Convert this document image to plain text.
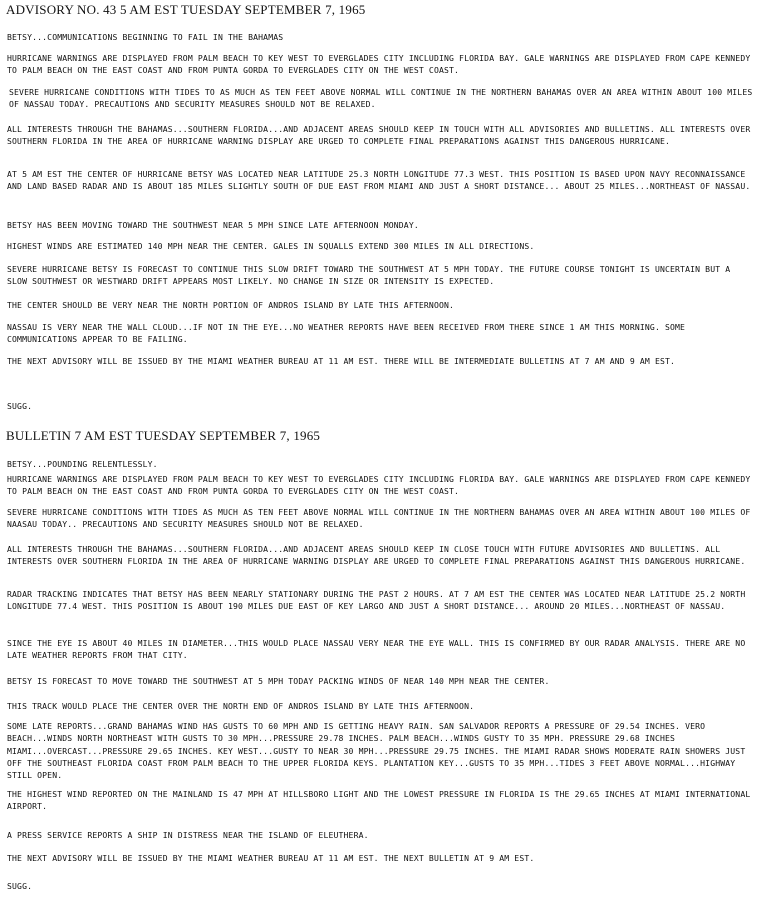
ADVISORY NO. 43 5 AM EST TUESDAY SEPTEMBER 7, 1965
BETSY...COMMUNICATIONS BEGINNING TO FAIL IN THE BAHAMAS
HURRICANE WARNINGS ARE DISPLAYED FROM PALM BEACH TO KEY WEST TO EVERGLADES CITY INCLUDING FLORIDA BAY. GALE WARNINGS ARE DISPLAYED FROM CAPE KENNEDY TO PALM BEACH ON THE EAST COAST AND FROM PUNTA GORDA TO EVERGLADES CITY ON THE WEST COAST.
SEVERE HURRICANE CONDITIONS WITH TIDES TO AS MUCH AS TEN FEET ABOVE NORMAL WILL CONTINUE IN THE NORTHERN BAHAMAS OVER AN AREA WITHIN ABOUT 100 MILES OF NASSAU TODAY. PRECAUTIONS AND SECURITY MEASURES SHOULD NOT BE RELAXED.
ALL INTERESTS THROUGH THE BAHAMAS...SOUTHERN FLORIDA...AND ADJACENT AREAS SHOULD KEEP IN TOUCH WITH ALL ADVISORIES AND BULLETINS. ALL INTERESTS OVER SOUTHERN FLORIDA IN THE AREA OF HURRICANE WARNING DISPLAY ARE URGED TO COMPLETE FINAL PREPARATIONS AGAINST THIS DANGEROUS HURRICANE.
AT 5 AM EST THE CENTER OF HURRICANE BETSY WAS LOCATED NEAR LATITUDE 25.3 NORTH LONGITUDE 77.3 WEST. THIS POSITION IS BASED UPON NAVY RECONNAISSANCE AND LAND BASED RADAR AND IS ABOUT 185 MILES SLIGHTLY SOUTH OF DUE EAST FROM MIAMI AND JUST A SHORT DISTANCE... ABOUT 25 MILES...NORTHEAST OF NASSAU.
BETSY HAS BEEN MOVING TOWARD THE SOUTHWEST NEAR 5 MPH SINCE LATE AFTERNOON MONDAY.
HIGHEST WINDS ARE ESTIMATED 140 MPH NEAR THE CENTER. GALES IN SQUALLS EXTEND 300 MILES IN ALL DIRECTIONS.
SEVERE HURRICANE BETSY IS FORECAST TO CONTINUE THIS SLOW DRIFT TOWARD THE SOUTHWEST AT 5 MPH TODAY. THE FUTURE COURSE TONIGHT IS UNCERTAIN BUT A SLOW SOUTHWEST OR WESTWARD DRIFT APPEARS MOST LIKELY. NO CHANGE IN SIZE OR INTENSITY IS EXPECTED.
THE CENTER SHOULD BE VERY NEAR THE NORTH PORTION OF ANDROS ISLAND BY LATE THIS AFTERNOON.
NASSAU IS VERY NEAR THE WALL CLOUD...IF NOT IN THE EYE...NO WEATHER REPORTS HAVE BEEN RECEIVED FROM THERE SINCE 1 AM THIS MORNING. SOME COMMUNICATIONS APPEAR TO BE FAILING.
THE NEXT ADVISORY WILL BE ISSUED BY THE MIAMI WEATHER BUREAU AT 11 AM EST. THERE WILL BE INTERMEDIATE BULLETINS AT 7 AM AND 9 AM EST.
SUGG.
BULLETIN 7 AM EST TUESDAY SEPTEMBER 7, 1965
BETSY...POUNDING RELENTLESSLY.
HURRICANE WARNINGS ARE DISPLAYED FROM PALM BEACH TO KEY WEST TO EVERGLADES CITY INCLUDING FLORIDA BAY. GALE WARNINGS ARE DISPLAYED FROM CAPE KENNEDY TO PALM BEACH ON THE EAST COAST AND FROM PUNTA GORDA TO EVERGLADES CITY ON THE WEST COAST.
SEVERE HURRICANE CONDITIONS WITH TIDES AS MUCH AS TEN FEET ABOVE NORMAL WILL CONTINUE IN THE NORTHERN BAHAMAS OVER AN AREA WITHIN ABOUT 100 MILES OF NAASAU TODAY.. PRECAUTIONS AND SECURITY MEASURES SHOULD NOT BE RELAXED.
ALL INTERESTS THROUGH THE BAHAMAS...SOUTHERN FLORIDA...AND ADJACENT AREAS SHOULD KEEP IN CLOSE TOUCH WITH FUTURE ADVISORIES AND BULLETINS. ALL INTERESTS OVER SOUTHERN FLORIDA IN THE AREA OF HURRICANE WARNING DISPLAY ARE URGED TO COMPLETE FINAL PREPARATIONS AGAINST THIS DANGEROUS HURRICANE.
RADAR TRACKING INDICATES THAT BETSY HAS BEEN NEARLY STATIONARY DURING THE PAST 2 HOURS. AT 7 AM EST THE CENTER WAS LOCATED NEAR LATITUDE 25.2 NORTH LONGITUDE 77.4 WEST. THIS POSITION IS ABOUT 190 MILES DUE EAST OF KEY LARGO AND JUST A SHORT DISTANCE... AROUND 20 MILES...NORTHEAST OF NASSAU.
SINCE THE EYE IS ABOUT 40 MILES IN DIAMETER...THIS WOULD PLACE NASSAU VERY NEAR THE EYE WALL. THIS IS CONFIRMED BY OUR RADAR ANALYSIS. THERE ARE NO LATE WEATHER REPORTS FROM THAT CITY.
BETSY IS FORECAST TO MOVE TOWARD THE SOUTHWEST AT 5 MPH TODAY PACKING WINDS OF NEAR 140 MPH NEAR THE CENTER.
THIS TRACK WOULD PLACE THE CENTER OVER THE NORTH END OF ANDROS ISLAND BY LATE THIS AFTERNOON.
SOME LATE REPORTS...GRAND BAHAMAS WIND HAS GUSTS TO 60 MPH AND IS GETTING HEAVY RAIN. SAN SALVADOR REPORTS A PRESSURE OF 29.54 INCHES. VERO BEACH...WINDS NORTH NORTHEAST WITH GUSTS TO 30 MPH...PRESSURE 29.78 INCHES. PALM BEACH...WINDS GUSTY TO 35 MPH. PRESSURE 29.68 INCHES MIAMI...OVERCAST...PRESSURE 29.65 INCHES. KEY WEST...GUSTY TO NEAR 30 MPH...PRESSURE 29.75 INCHES. THE MIAMI RADAR SHOWS MODERATE RAIN SHOWERS JUST OFF THE SOUTHEAST FLORIDA COAST FROM PALM BEACH TO THE UPPER FLORIDA KEYS. PLANTATION KEY...GUSTS TO 35 MPH...TIDES 3 FEET ABOVE NORMAL...HIGHWAY STILL OPEN.
THE HIGHEST WIND REPORTED ON THE MAINLAND IS 47 MPH AT HILLSBORO LIGHT AND THE LOWEST PRESSURE IN FLORIDA IS THE 29.65 INCHES AT MIAMI INTERNATIONAL AIRPORT.
A PRESS SERVICE REPORTS A SHIP IN DISTRESS NEAR THE ISLAND OF ELEUTHERA.
THE NEXT ADVISORY WILL BE ISSUED BY THE MIAMI WEATHER BUREAU AT 11 AM EST. THE NEXT BULLETIN AT 9 AM EST.
SUGG.
